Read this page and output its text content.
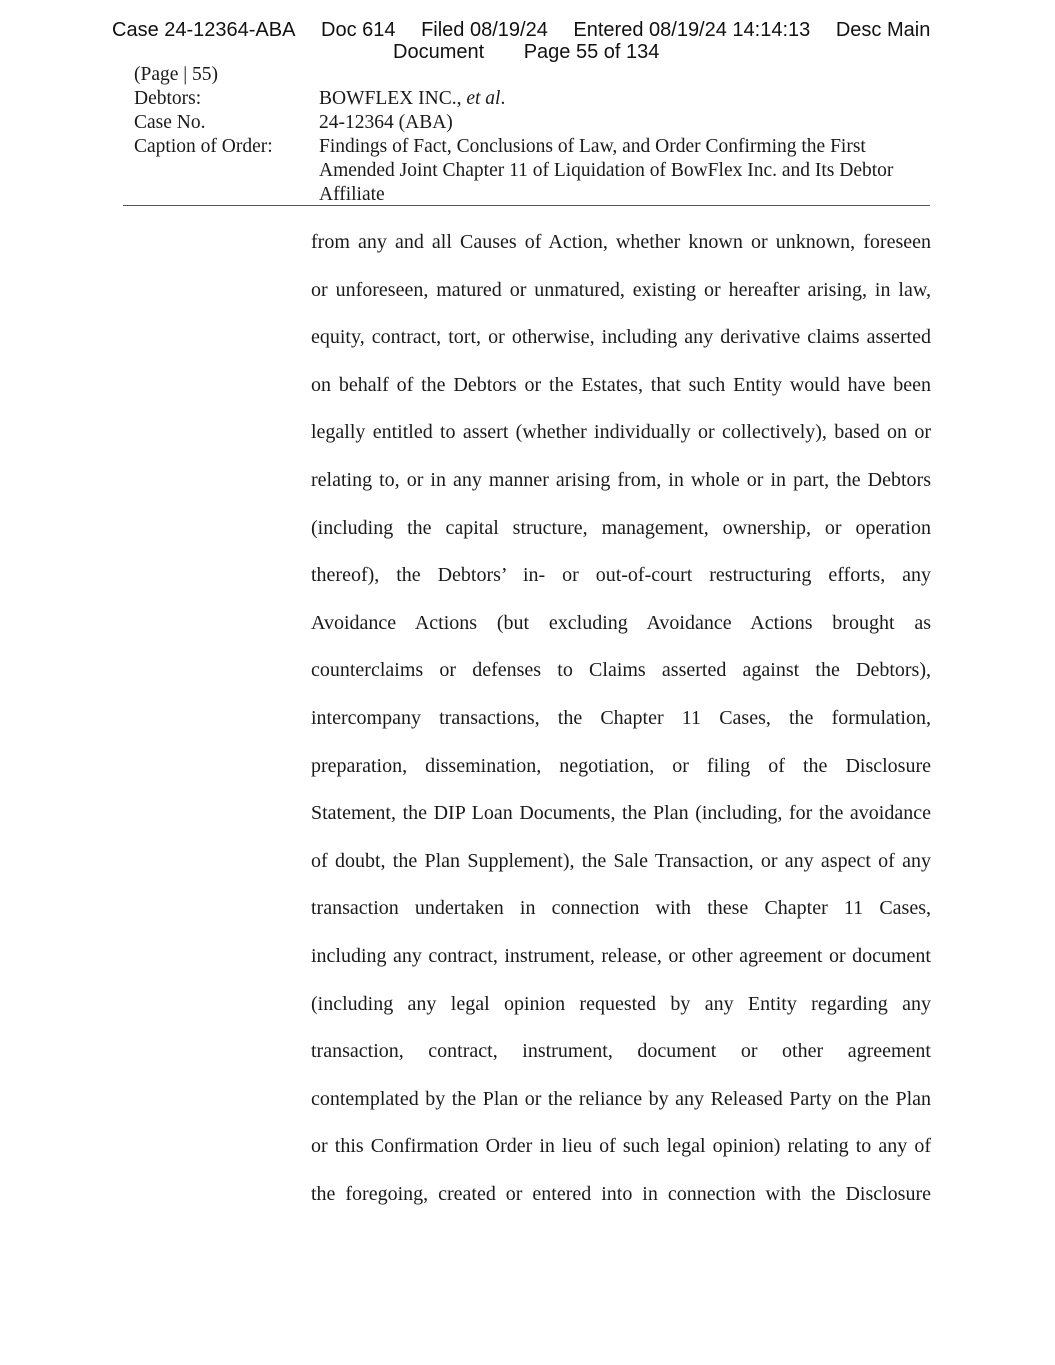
Case 24-12364-ABA Doc 614 Filed 08/19/24 Entered 08/19/24 14:14:13 Desc Main
Document Page 55 of 134
(Page | 55)
Debtors:	BOWFLEX INC., et al.
Case No.	24-12364 (ABA)
Caption of Order:	Findings of Fact, Conclusions of Law, and Order Confirming the First Amended Joint Chapter 11 of Liquidation of BowFlex Inc. and Its Debtor Affiliate
from any and all Causes of Action, whether known or unknown, foreseen
or unforeseen, matured or unmatured, existing or hereafter arising, in law,
equity, contract, tort, or otherwise, including any derivative claims asserted
on behalf of the Debtors or the Estates, that such Entity would have been
legally entitled to assert (whether individually or collectively), based on or
relating to, or in any manner arising from, in whole or in part, the Debtors
(including the capital structure, management, ownership, or operation
thereof), the Debtors’ in- or out-of-court restructuring efforts, any
Avoidance Actions (but excluding Avoidance Actions brought as
counterclaims or defenses to Claims asserted against the Debtors),
intercompany transactions, the Chapter 11 Cases, the formulation,
preparation, dissemination, negotiation, or filing of the Disclosure
Statement, the DIP Loan Documents, the Plan (including, for the avoidance
of doubt, the Plan Supplement), the Sale Transaction, or any aspect of any
transaction undertaken in connection with these Chapter 11 Cases,
including any contract, instrument, release, or other agreement or document
(including any legal opinion requested by any Entity regarding any
transaction, contract, instrument, document or other agreement
contemplated by the Plan or the reliance by any Released Party on the Plan
or this Confirmation Order in lieu of such legal opinion) relating to any of
the foregoing, created or entered into in connection with the Disclosure
